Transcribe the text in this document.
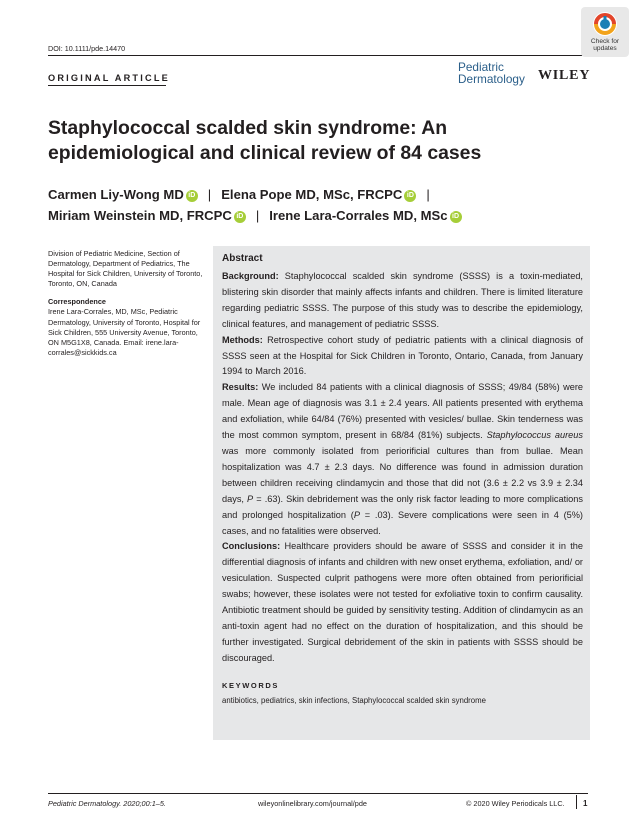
DOI: 10.1111/pde.14470
Check for
updates
ORIGINAL ARTICLE
Pediatric
Dermatology WILEY
Staphylococcal scalded skin syndrome: An epidemiological and clinical review of 84 cases
Carmen Liy-Wong MD iD | Elena Pope MD, MSc, FRCPC iD |
Miriam Weinstein MD, FRCPC iD | Irene Lara-Corrales MD, MSc iD

Division of Pediatric Medicine, Section of Dermatology, Department of Pediatrics, The Hospital for Sick Children, University of Toronto, Toronto, ON, Canada

Correspondence

Irene Lara-Corrales, MD, MSc, Pediatric Dermatology, University of Toronto, Hospital for Sick Children, 555 University Avenue, Toronto, ON M5G1X8, Canada. Email: irene.lara-corrales@sickkids.ca

Abstract

Background: Staphylococcal scalded skin syndrome (SSSS) is a toxin-mediated, blistering skin disorder that mainly affects infants and children. There is limited literature regarding pediatric SSSS. The purpose of this study was to describe the epidemiology, clinical features, and management of pediatric SSSS.

Methods: Retrospective cohort study of pediatric patients with a clinical diagnosis of SSSS seen at the Hospital for Sick Children in Toronto, Ontario, Canada, from January 1994 to March 2016.

Results: We included 84 patients with a clinical diagnosis of SSSS; 49/84 (58%) were male. Mean age of diagnosis was 3.1 ± 2.4 years. All patients presented with erythema and exfoliation, while 64/84 (76%) presented with vesicles/ bullae. Skin tenderness was the most common symptom, present in 68/84 (81%) subjects. Staphylococcus aureus was more commonly isolated from periorificial cultures than from bullae. Mean hospitalization was 4.7 ± 2.3 days. No difference was found in admission duration between children receiving clindamycin and those that did not (3.6 ± 2.2 vs 3.9 ± 2.34 days, P = .63). Skin debridement was the only risk factor leading to more complications and prolonged hospitalization (P = .03). Severe complications were seen in 4 (5%) cases, and no fatalities were observed.

Conclusions: Healthcare providers should be aware of SSSS and consider it in the differential diagnosis of infants and children with new onset erythema, exfoliation, and/ or vesiculation. Suspected culprit pathogens were more often obtained from periorificial swabs; however, these isolates were not tested for exfoliative toxin to confirm causality. Antibiotic treatment should be guided by sensitivity testing. Addition of clindamycin as an anti-toxin agent had no effect on the duration of hospitalization, and this should be further investigated. Surgical debridement of the skin in patients with SSSS should be discouraged.

KEYWORDS
antibiotics, pediatrics, skin infections, Staphylococcal scalded skin syndrome
Pediatric Dermatology. 2020;00:1–5.	wileyonlinelibrary.com/journal/pde	© 2020 Wiley Periodicals LLC. 1
